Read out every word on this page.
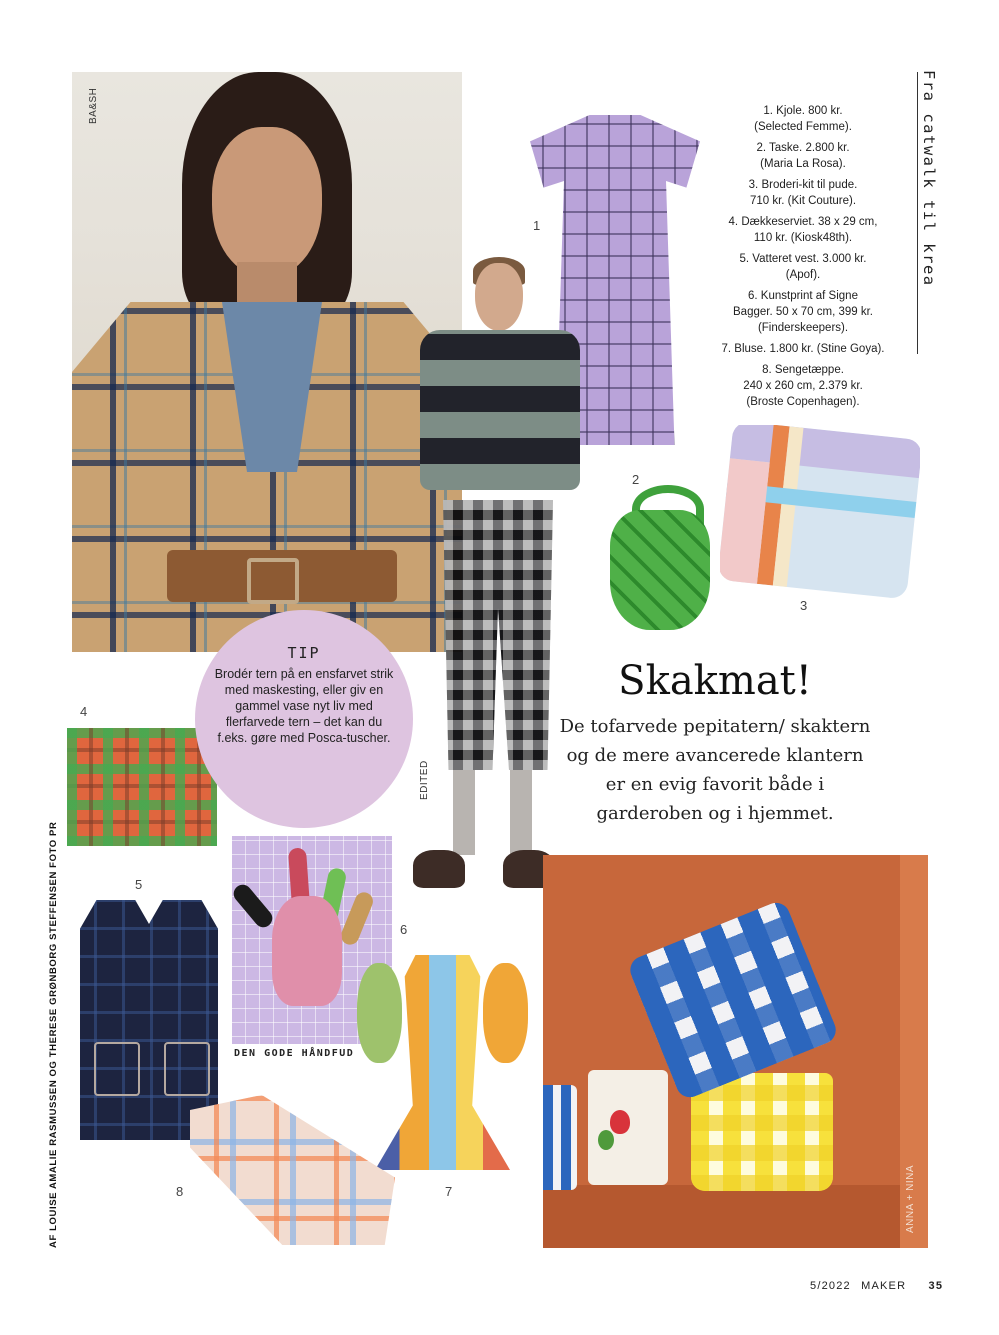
BA&SH
1
EDITED
2
3
1. Kjole. 800 kr.
(Selected Femme).
2. Taske. 2.800 kr.
(Maria La Rosa).
3. Broderi-kit til pude.
710 kr. (Kit Couture).
4. Dækkeserviet. 38 x 29 cm,
110 kr. (Kiosk48th).
5. Vatteret vest. 3.000 kr.
(Apof).
6. Kunstprint af Signe
Bagger. 50 x 70 cm, 399 kr.
(Finderskeepers).
7. Bluse. 1.800 kr. (Stine Goya).
8. Sengetæppe.
240 x 260 cm, 2.379 kr.
(Broste Copenhagen).
Fra catwalk til krea
4
TIP
Brodér tern på en ensfarvet strik med maskesting, eller giv en gammel vase nyt liv med flerfarvede tern – det kan du f.eks. gøre med Posca-tuscher.
Skakmat!
De tofarvede pepitatern/ skaktern og de mere avancerede klantern er en evig favorit både i garderoben og i hjemmet.
5
DEN GODE HÅNDFUD
6
7
8	ANNA + NINA
AF LOUISE AMALIE RASMUSSEN OG THERESE GRØNBORG STEFFENSEN FOTO PR
5/2022 MAKER 35
